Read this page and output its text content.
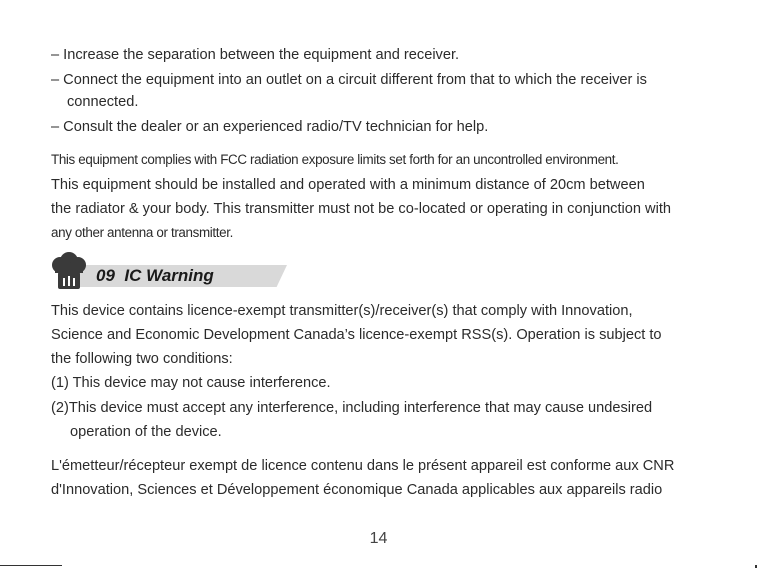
– Increase the separation between the equipment and receiver.
– Connect the equipment into an outlet on a circuit different from that to which the receiver is
connected.
– Consult the dealer or an experienced radio/TV technician for help.
This equipment complies with FCC radiation exposure limits set forth for an uncontrolled environment.
This equipment should be installed and operated with a minimum distance of 20cm between
the radiator & your body. This transmitter must not be co-located or operating in conjunction with
any other antenna or transmitter.
09 IC Warning
This device contains licence-exempt transmitter(s)/receiver(s) that comply with Innovation,
Science and Economic Development Canada’s licence-exempt RSS(s). Operation is subject to
the following two conditions:
(1) This device may not cause interference.
(2)This device must accept any interference, including interference that may cause undesired
operation of the device.
L'émetteur/récepteur exempt de licence contenu dans le présent appareil est conforme aux CNR
d'Innovation, Sciences et Développement économique Canada applicables aux appareils radio
14
